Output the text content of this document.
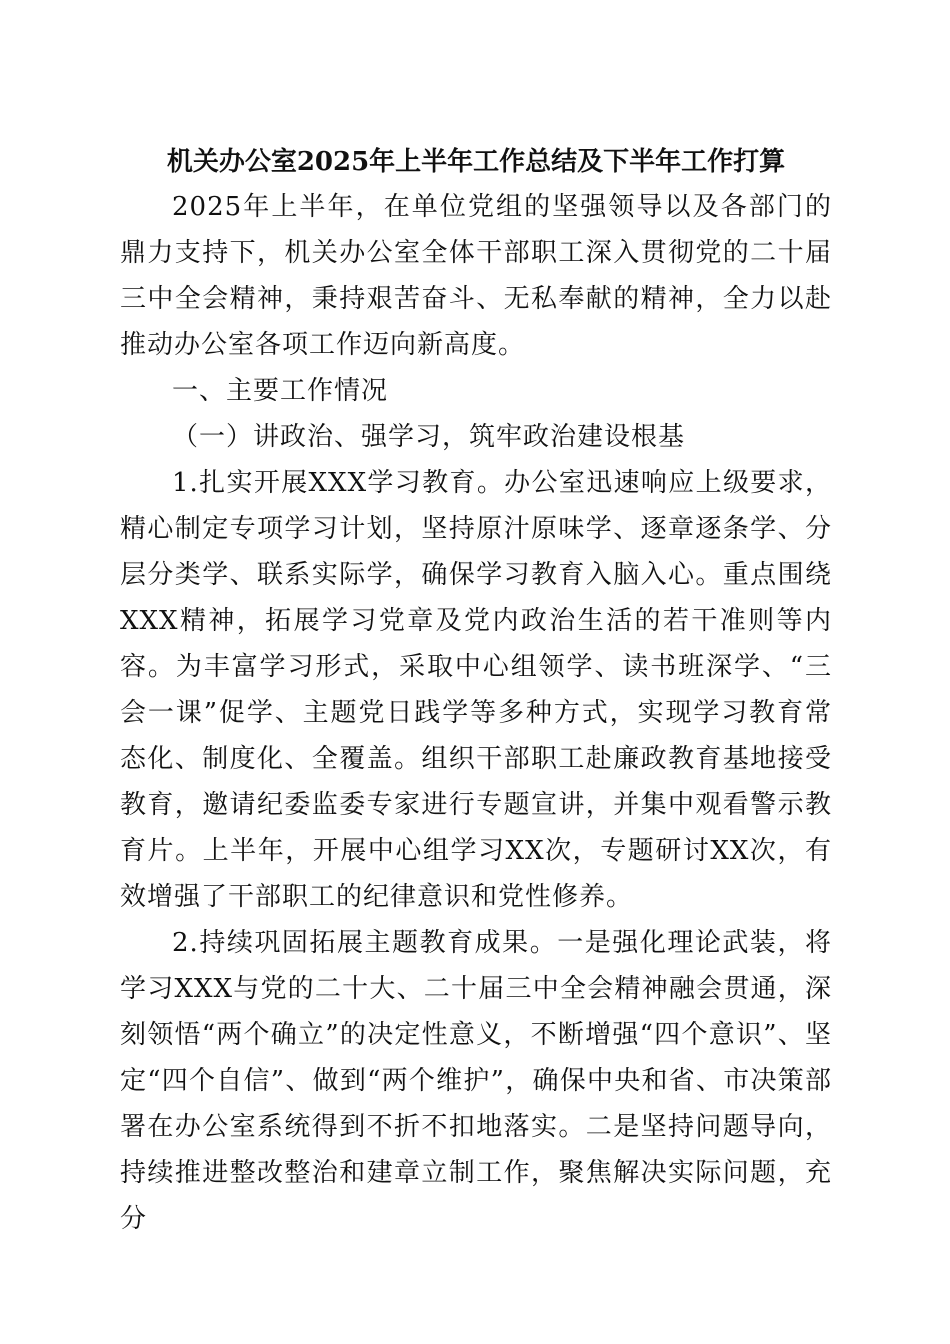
机关办公室2025年上半年工作总结及下半年工作打算

2025年上半年，在单位党组的坚强领导以及各部门的鼎力支持下，机关办公室全体干部职工深入贯彻党的二十届三中全会精神，秉持艰苦奋斗、无私奉献的精神，全力以赴推动办公室各项工作迈向新高度。

一、主要工作情况

（一）讲政治、强学习，筑牢政治建设根基

1.扎实开展XXX学习教育。办公室迅速响应上级要求，精心制定专项学习计划，坚持原汁原味学、逐章逐条学、分层分类学、联系实际学，确保学习教育入脑入心。重点围绕XXX精神，拓展学习党章及党内政治生活的若干准则等内容。为丰富学习形式，采取中心组领学、读书班深学、“三会一课”促学、主题党日践学等多种方式，实现学习教育常态化、制度化、全覆盖。组织干部职工赴廉政教育基地接受教育，邀请纪委监委专家进行专题宣讲，并集中观看警示教育片。上半年，开展中心组学习XX次，专题研讨XX次，有效增强了干部职工的纪律意识和党性修养。

2.持续巩固拓展主题教育成果。一是强化理论武装，将学习XXX与党的二十大、二十届三中全会精神融会贯通，深刻领悟“两个确立”的决定性意义，不断增强“四个意识”、坚定“四个自信”、做到“两个维护”，确保中央和省、市决策部署在办公室系统得到不折不扣地落实。二是坚持问题导向，持续推进整改整治和建章立制工作，聚焦解决实际问题，充分
